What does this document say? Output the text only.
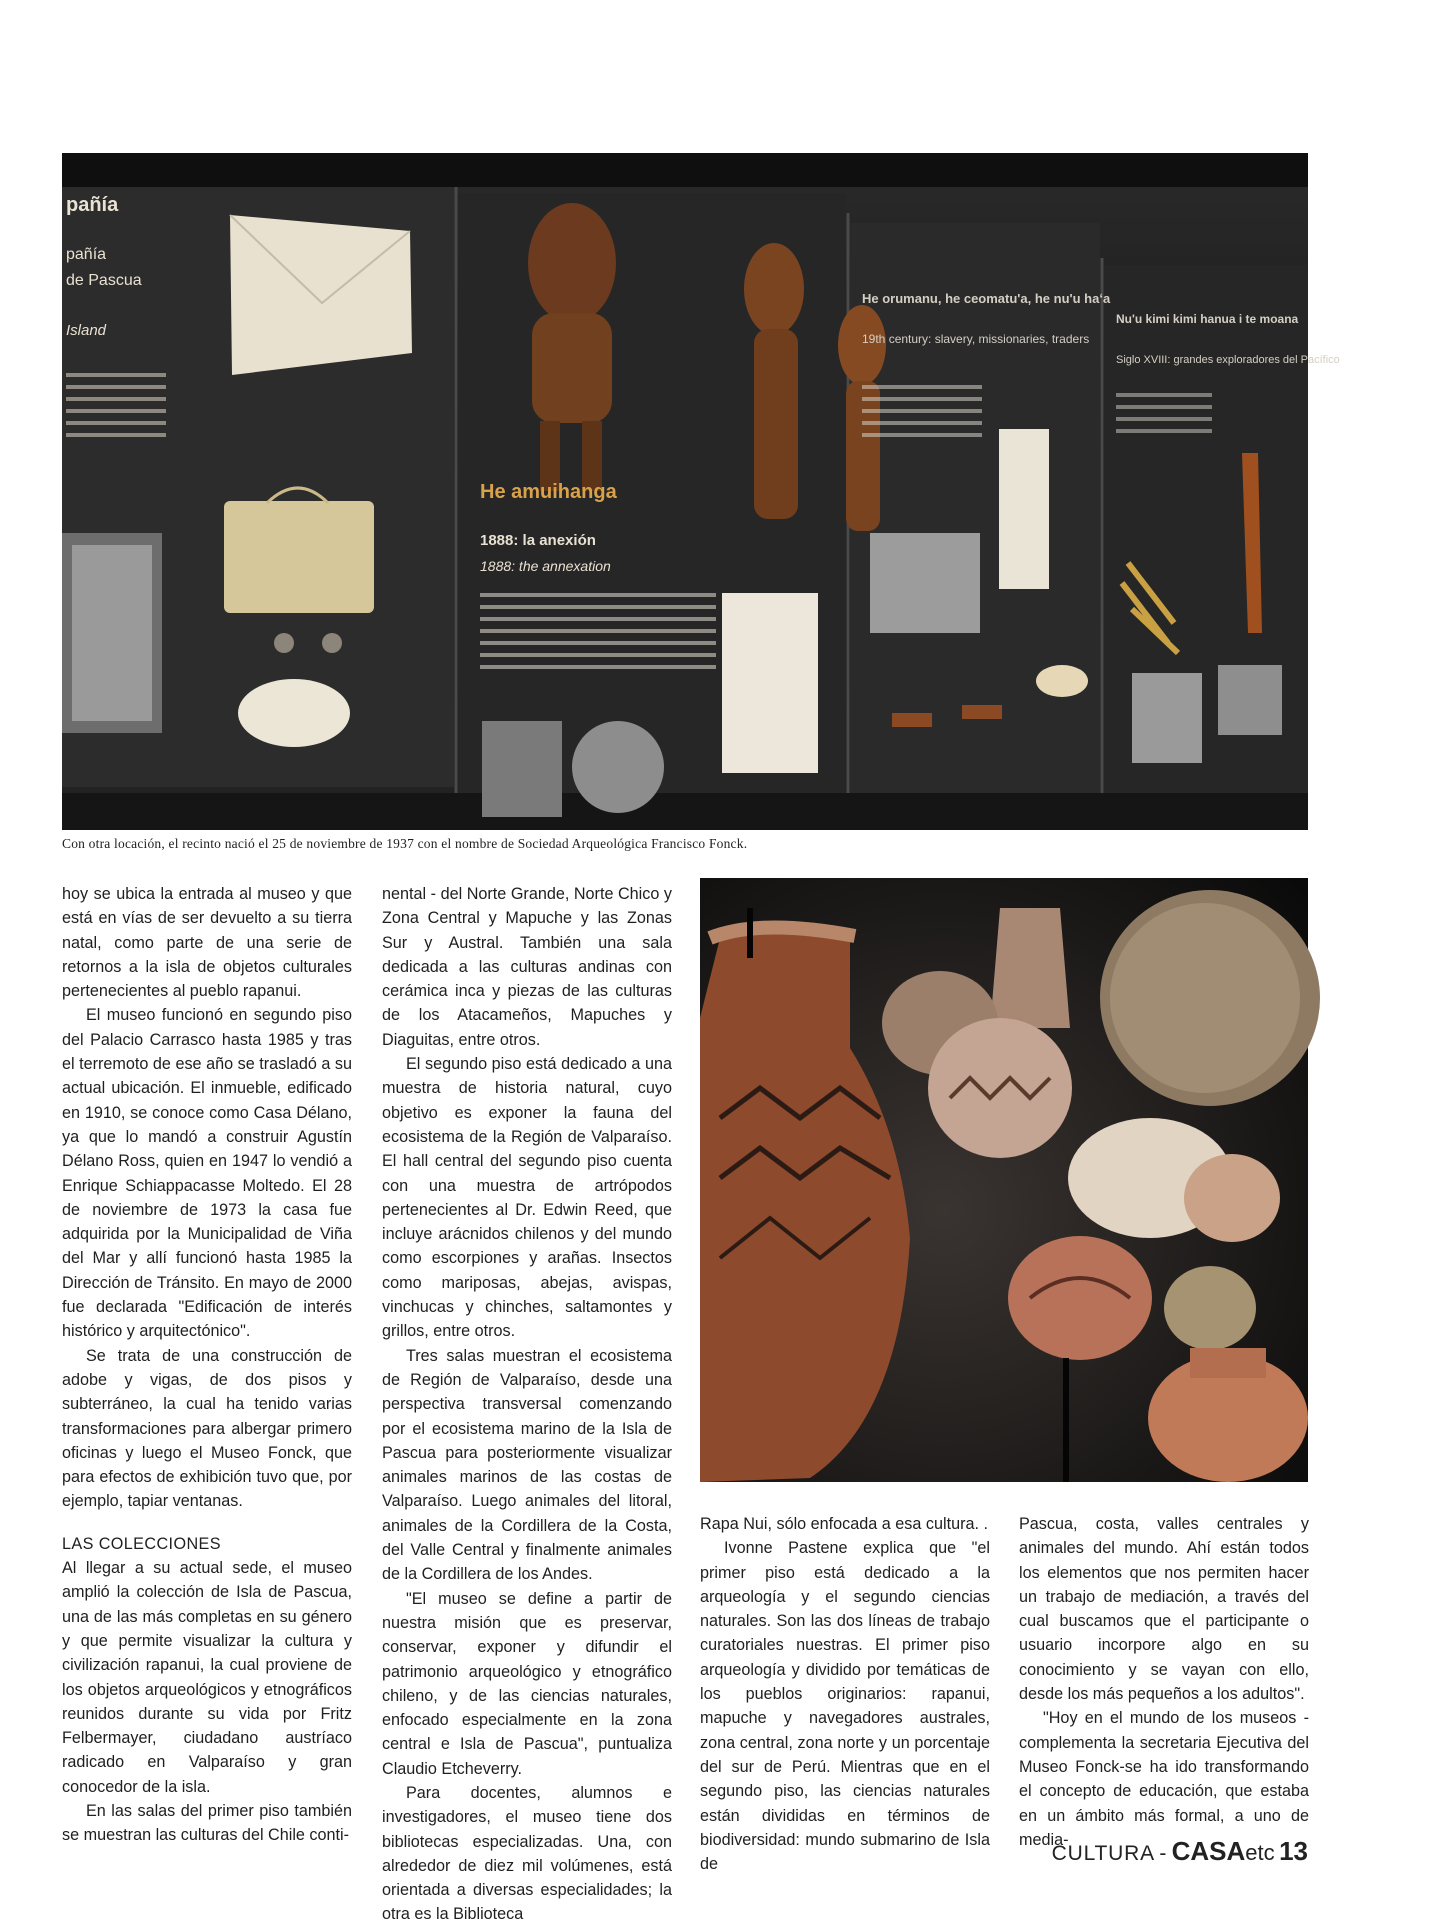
pañía
pañía
de Pascua
Island
He amuihanga
1888: la anexión
1888: the annexation
He orumanu, he ceomatu'a, he nu'u haʻa
19th century: slavery, missionaries, traders
Nu'u kimi kimi hanua i te moana
Siglo XVIII: grandes exploradores del Pacífico
Con otra locación, el recinto nació el 25 de noviembre de 1937 con el nombre de Sociedad Arqueológica Francisco Fonck.

hoy se ubica la entrada al museo y que está en vías de ser devuelto a su tierra natal, como parte de una serie de retornos a la isla de objetos culturales pertenecientes al pueblo rapanui.

El museo funcionó en segundo piso del Palacio Carrasco hasta 1985 y tras el terremoto de ese año se trasladó a su actual ubicación. El inmueble, edificado en 1910, se conoce como Casa Délano, ya que lo mandó a construir Agustín Délano Ross, quien en 1947 lo vendió a Enrique Schiappacasse Moltedo. El 28 de noviembre de 1973 la casa fue adquirida por la Municipalidad de Viña del Mar y allí funcionó hasta 1985 la Dirección de Tránsito. En mayo de 2000 fue declarada "Edificación de interés histórico y arquitectónico".

Se trata de una construcción de adobe y vigas, de dos pisos y subterráneo, la cual ha tenido varias transformaciones para albergar primero oficinas y luego el Museo Fonck, que para efectos de exhibición tuvo que, por ejemplo, tapiar ventanas.

LAS COLECCIONES

Al llegar a su actual sede, el museo amplió la colección de Isla de Pascua, una de las más completas en su género y que permite visualizar la cultura y civilización rapanui, la cual proviene de los objetos arqueológicos y etnográficos reunidos durante su vida por Fritz Felbermayer, ciudadano austríaco radicado en Valparaíso y gran conocedor de la isla.

En las salas del primer piso también se muestran las culturas del Chile conti-

nental - del Norte Grande, Norte Chico y Zona Central y Mapuche y las Zonas Sur y Austral. También una sala dedicada a las culturas andinas con cerámica inca y piezas de las culturas de los Atacameños, Mapuches y Diaguitas, entre otros.

El segundo piso está dedicado a una muestra de historia natural, cuyo objetivo es exponer la fauna del ecosistema de la Región de Valparaíso. El hall central del segundo piso cuenta con una muestra de artrópodos pertenecientes al Dr. Edwin Reed, que incluye arácnidos chilenos y del mundo como escorpiones y arañas. Insectos como mariposas, abejas, avispas, vinchucas y chinches, saltamontes y grillos, entre otros.

Tres salas muestran el ecosistema de Región de Valparaíso, desde una perspectiva transversal comenzando por el ecosistema marino de la Isla de Pascua para posteriormente visualizar animales marinos de las costas de Valparaíso. Luego animales del litoral, animales de la Cordillera de la Costa, del Valle Central y finalmente animales de la Cordillera de los Andes.

"El museo se define a partir de nuestra misión que es preservar, conservar, exponer y difundir el patrimonio arqueológico y etnográfico chileno, y de las ciencias naturales, enfocado especialmente en la zona central e Isla de Pascua", puntualiza Claudio Etcheverry.

Para docentes, alumnos e investigadores, el museo tiene dos bibliotecas especializadas. Una, con alrededor de diez mil volúmenes, está orientada a diversas especialidades; la otra es la Biblioteca

Rapa Nui, sólo enfocada a esa cultura. .

Ivonne Pastene explica que "el primer piso está dedicado a la arqueología y el segundo ciencias naturales. Son las dos líneas de trabajo curatoriales nuestras. El primer piso arqueología y dividido por temáticas de los pueblos originarios: rapanui, mapuche y navegadores australes, zona central, zona norte y un porcentaje del sur de Perú. Mientras que en el segundo piso, las ciencias naturales están divididas en términos de biodiversidad: mundo submarino de Isla de

Pascua, costa, valles centrales y animales del mundo. Ahí están todos los elementos que nos permiten hacer un trabajo de mediación, a través del cual buscamos que el participante o usuario incorpore algo en su conocimiento y se vayan con ello, desde los más pequeños a los adultos".

"Hoy en el mundo de los museos -complementa la secretaria Ejecutiva del Museo Fonck-se ha ido transformando el concepto de educación, que estaba en un ámbito más formal, a uno de media-

CULTURA - CASAetc 13
